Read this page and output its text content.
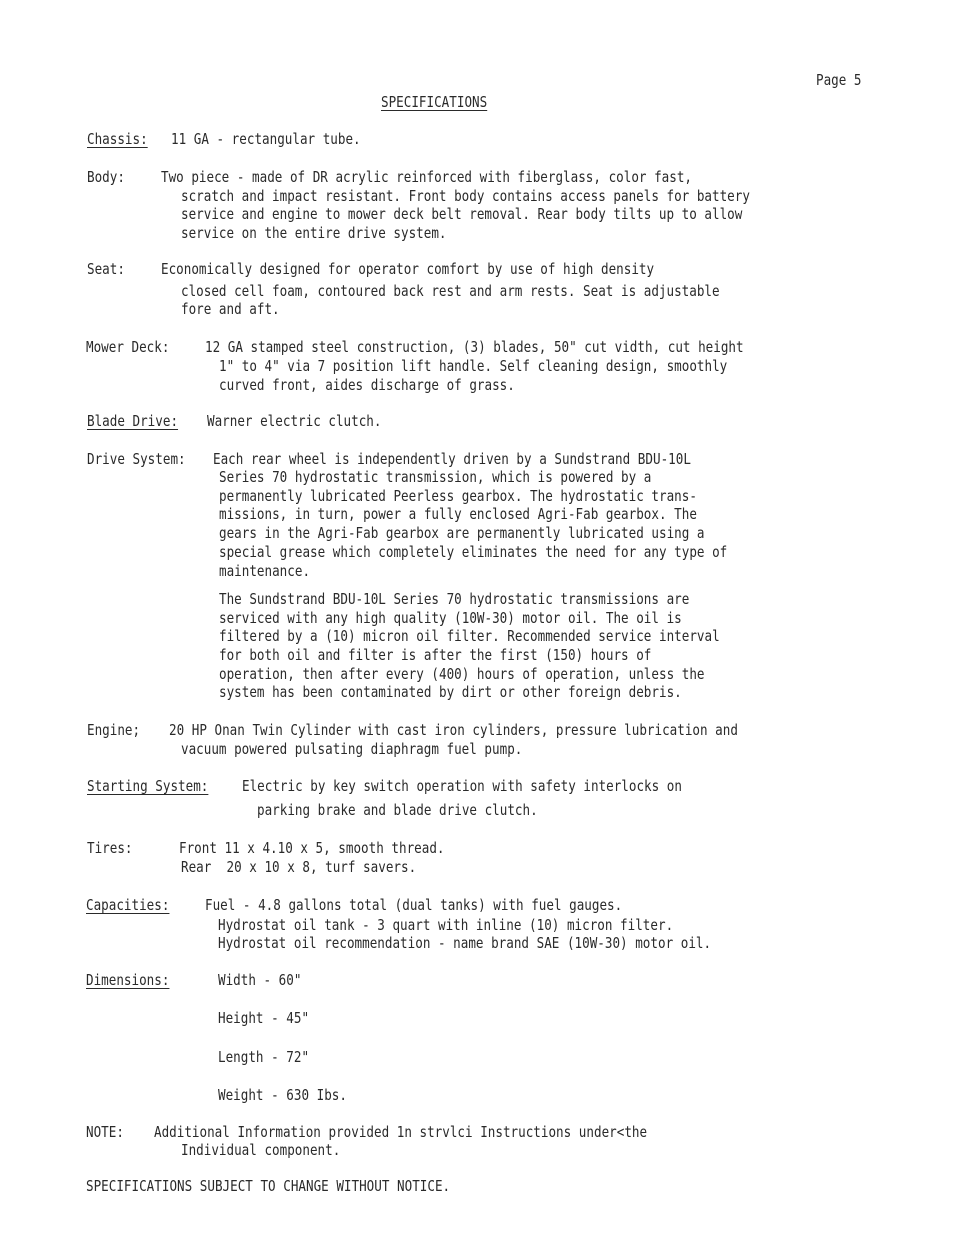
Page 5
SPECIFICATIONS
Chassis: 11 GA - rectangular tube.
Body: Two piece - made of DR acrylic reinforced with fiberglass, color fast,
scratch and impact resistant. Front body contains access panels for battery
service and engine to mower deck belt removal. Rear body tilts up to allow
service on the entire drive system.
Seat: Economically designed for operator comfort by use of high density
closed cell foam, contoured back rest and arm rests. Seat is adjustable
fore and aft.
Mower Deck: 12 GA stamped steel construction, (3) blades, 50" cut vidth, cut height
1" to 4" via 7 position lift handle. Self cleaning design, smoothly
curved front, aides discharge of grass.
Blade Drive: Warner electric clutch.
Drive System: Each rear wheel is independently driven by a Sundstrand BDU-10L
Series 70 hydrostatic transmission, which is powered by a
permanently lubricated Peerless gearbox. The hydrostatic trans-
missions, in turn, power a fully enclosed Agri-Fab gearbox. The
gears in the Agri-Fab gearbox are permanently lubricated using a
special grease which completely eliminates the need for any type of
maintenance.
The Sundstrand BDU-10L Series 70 hydrostatic transmissions are
serviced with any high quality (10W-30) motor oil. The oil is
filtered by a (10) micron oil filter. Recommended service interval
for both oil and filter is after the first (150) hours of
operation, then after every (400) hours of operation, unless the
system has been contaminated by dirt or other foreign debris.
Engine; 20 HP Onan Twin Cylinder with cast iron cylinders, pressure lubrication and
vacuum powered pulsating diaphragm fuel pump.
Starting System: Electric by key switch operation with safety interlocks on
parking brake and blade drive clutch.
Tires:	Front 11 x 4.10 x 5, smooth thread.
Rear  20 x 10 x 8, turf savers.
Capacities: Fuel - 4.8 gallons total (dual tanks) with fuel gauges.
Hydrostat oil tank - 3 quart with inline (10) micron filter.
Hydrostat oil recommendation - name brand SAE (10W-30) motor oil.
Dimensions:	Width - 60"
Height - 45"
Length - 72"
Weight - 630 Ibs.
NOTE: Additional Information provided 1n strvlci Instructions under<the
Individual component.
SPECIFICATIONS SUBJECT TO CHANGE WITHOUT NOTICE.
